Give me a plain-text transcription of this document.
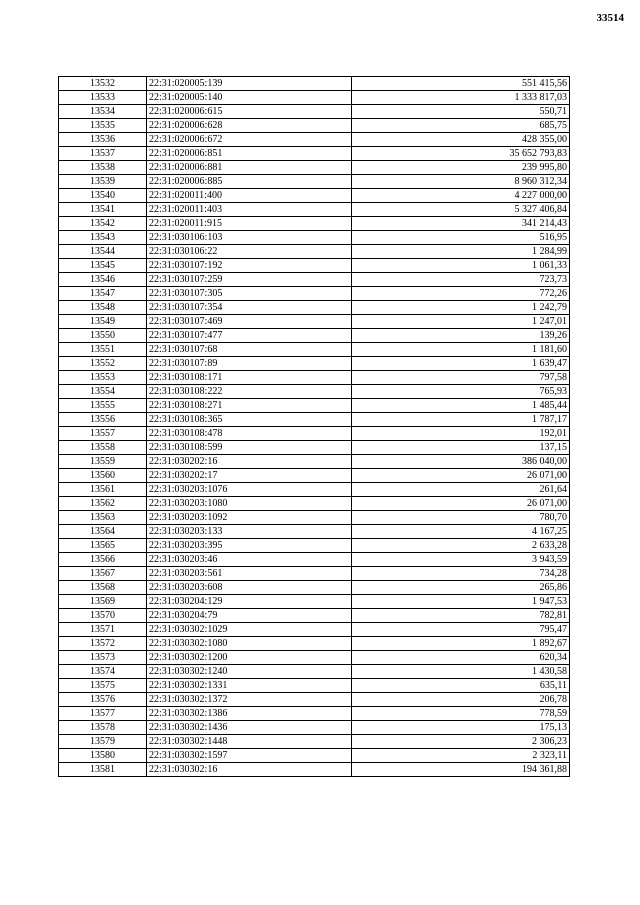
33514
13532	22:31:020005:139	551 415,56
13533	22:31:020005:140	1 333 817,03
13534	22:31:020006:615	550,71
13535	22:31:020006:628	685,75
13536	22:31:020006:672	428 355,00
13537	22:31:020006:851	35 652 793,83
13538	22:31:020006:881	239 995,80
13539	22:31:020006:885	8 960 312,34
13540	22:31:020011:400	4 227 000,00
13541	22:31:020011:403	5 327 406,84
13542	22:31:020011:915	341 214,43
13543	22:31:030106:103	516,95
13544	22:31:030106:22	1 284,99
13545	22:31:030107:192	1 061,33
13546	22:31:030107:259	723,73
13547	22:31:030107:305	772,26
13548	22:31:030107:354	1 242,79
13549	22:31:030107:469	1 247,01
13550	22:31:030107:477	139,26
13551	22:31:030107:68	1 181,60
13552	22:31:030107:89	1 639,47
13553	22:31:030108:171	797,58
13554	22:31:030108:222	765,93
13555	22:31:030108:271	1 485,44
13556	22:31:030108:365	1 787,17
13557	22:31:030108:478	192,01
13558	22:31:030108:599	137,15
13559	22:31:030202:16	386 040,00
13560	22:31:030202:17	26 071,00
13561	22:31:030203:1076	261,64
13562	22:31:030203:1080	26 071,00
13563	22:31:030203:1092	780,70
13564	22:31:030203:133	4 167,25
13565	22:31:030203:395	2 633,28
13566	22:31:030203:46	3 943,59
13567	22:31:030203:561	734,28
13568	22:31:030203:608	265,86
13569	22:31:030204:129	1 947,53
13570	22:31:030204:79	782,81
13571	22:31:030302:1029	795,47
13572	22:31:030302:1080	1 892,67
13573	22:31:030302:1200	620,34
13574	22:31:030302:1240	1 430,58
13575	22:31:030302:1331	635,11
13576	22:31:030302:1372	206,78
13577	22:31:030302:1386	778,59
13578	22:31:030302:1436	175,13
13579	22:31:030302:1448	2 306,23
13580	22:31:030302:1597	2 323,11
13581	22:31:030302:16	194 361,88
